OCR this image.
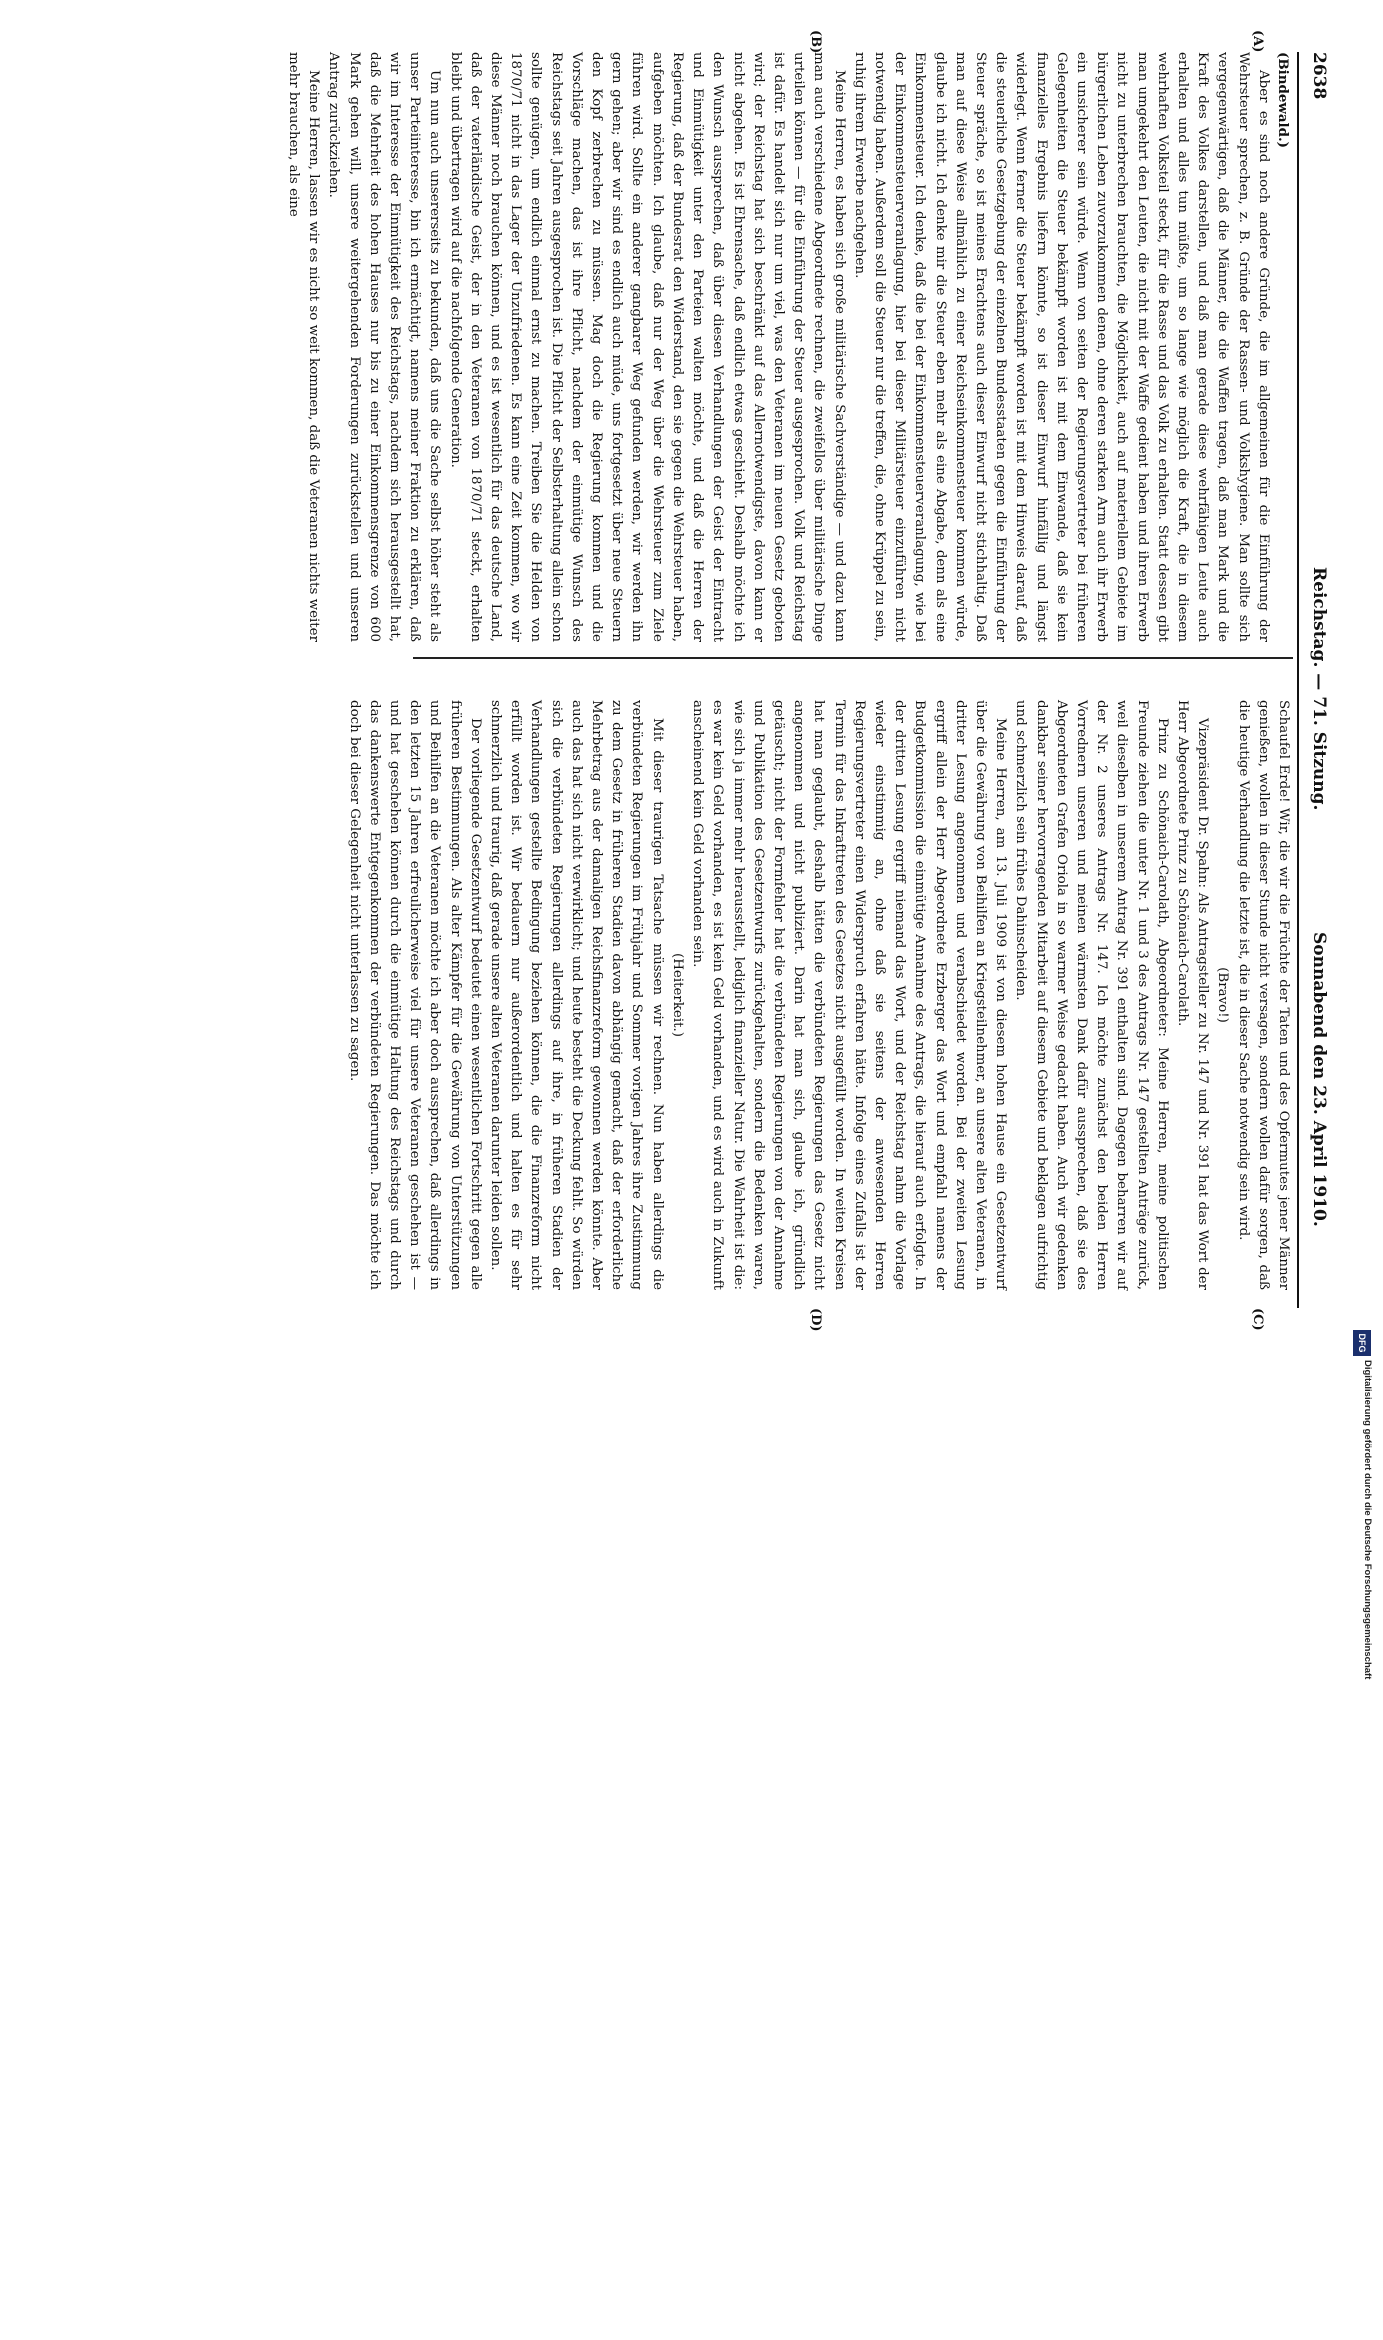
2638
Reichstag. — 71. Sitzung.
Sonnabend den 23. April 1910.
(A)
(B)
(C)
(D)

(Bindewald.)

Aber es sind noch andere Gründe, die im allgemeinen für die Einführung der Wehrsteuer sprechen, z. B. Gründe der Rassen- und Volkshygiene. Man sollte sich vergegenwärtigen, daß die Männer, die die Waffen tragen, daß man Mark und die Kraft des Volkes darstellen, und daß man gerade diese wehrfähigen Leute auch erhalten und alles tun müßte, um so lange wie möglich die Kraft, die in diesem wehrhaften Volksteil steckt, für die Rasse und das Volk zu erhalten. Statt dessen gibt man umgekehrt den Leuten, die nicht mit der Waffe gedient haben und ihren Erwerb nicht zu unterbrechen brauchten, die Möglichkeit, auch auf materiellem Gebiete im bürgerlichen Leben zuvorzukommen denen, ohne deren starken Arm auch ihr Erwerb ein unsicherer sein würde. Wenn von seiten der Regierungsvertreter bei früheren Gelegenheiten die Steuer bekämpft worden ist mit dem Einwande, daß sie kein finanzielles Ergebnis liefern könnte, so ist dieser Einwurf hinfällig und längst widerlegt. Wenn ferner die Steuer bekämpft worden ist mit dem Hinweis darauf, daß die steuerliche Gesetzgebung der einzelnen Bundesstaaten gegen die Einführung der Steuer spräche, so ist meines Erachtens auch dieser Einwurf nicht stichhaltig. Daß man auf diese Weise allmählich zu einer Reichseinkommensteuer kommen würde, glaube ich nicht. Ich denke mir die Steuer eben mehr als eine Abgabe, denn als eine Einkommensteuer. Ich denke, daß die bei der Einkommensteuerveranlagung, wie bei der Einkommensteuerveranlagung, hier bei dieser Militärsteuer einzuführen nicht notwendig haben. Außerdem soll die Steuer nur die treffen, die, ohne Krüppel zu sein, ruhig ihrem Erwerbe nachgehen.

Meine Herren, es haben sich große militärische Sachverständige — und dazu kann man auch verschiedene Abgeordnete rechnen, die zweifellos über militärische Dinge urteilen können — für die Einführung der Steuer ausgesprochen. Volk und Reichstag ist dafür. Es handelt sich nur um viel, was den Veteranen im neuen Gesetz geboten wird; der Reichstag hat sich beschränkt auf das Allernotwendigste, davon kann er nicht abgehen. Es ist Ehrensache, daß endlich etwas geschieht. Deshalb möchte ich den Wunsch aussprechen, daß über diesen Verhandlungen der Geist der Eintracht und Einmütigkeit unter den Parteien walten möchte, und daß die Herren der Regierung, daß der Bundesrat den Widerstand, den sie gegen die Wehrsteuer haben, aufgeben möchten. Ich glaube, daß nur der Weg über die Wehrsteuer zum Ziele führen wird. Sollte ein anderer gangbarer Weg gefunden werden, wir werden ihn gern gehen; aber wir sind es endlich auch müde, uns fortgesetzt über neue Steuern den Kopf zerbrechen zu müssen. Mag doch die Regierung kommen und die Vorschläge machen, das ist ihre Pflicht, nachdem der einmütige Wunsch des Reichstags seit Jahren ausgesprochen ist. Die Pflicht der Selbsterhaltung allein schon sollte genügen, um endlich einmal ernst zu machen. Treiben Sie die Helden von 1870/71 nicht in das Lager der Unzufriedenen. Es kann eine Zeit kommen, wo wir diese Männer noch brauchen können, und es ist wesentlich für das deutsche Land, daß der vaterländische Geist, der in den Veteranen von 1870/71 steckt, erhalten bleibt und übertragen wird auf die nachfolgende Generation.

Um nun auch unsererseits zu bekunden, daß uns die Sache selbst höher steht als unser Parteiinteresse, bin ich ermächtigt, namens meiner Fraktion zu erklären, daß wir im Interesse der Einmütigkeit des Reichstags, nachdem sich herausgestellt hat, daß die Mehrheit des hohen Hauses nur bis zu einer Einkommensgrenze von 600 Mark gehen will, unsere weitergehenden Forderungen zurückstellen und unseren Antrag zurückziehen.

Meine Herren, lassen wir es nicht so weit kommen, daß die Veteranen nichts weiter mehr brauchen, als eine

Schaufel Erde! Wir, die wir die Früchte der Taten und des Opfermutes jener Männer genießen, wollen in dieser Stunde nicht versagen, sondern wollen dafür sorgen, daß die heutige Verhandlung die letzte ist, die in dieser Sache notwendig sein wird.

(Bravo!)

Vizepräsident Dr. Spahn: Als Antragsteller zu Nr. 147 und Nr. 391 hat das Wort der Herr Abgeordnete Prinz zu Schönaich-Carolath.

Prinz zu Schönaich-Carolath, Abgeordneter: Meine Herren, meine politischen Freunde ziehen die unter Nr. 1 und 3 des Antrags Nr. 147 gestellten Anträge zurück, weil dieselben in unserem Antrag Nr. 391 enthalten sind. Dagegen beharren wir auf der Nr. 2 unseres Antrags Nr. 147. Ich möchte zunächst den beiden Herren Vorrednern unseren und meinen wärmsten Dank dafür aussprechen, daß sie des Abgeordneten Grafen Oriola in so warmer Weise gedacht haben. Auch wir gedenken dankbar seiner hervorragenden Mitarbeit auf diesem Gebiete und beklagen aufrichtig und schmerzlich sein frühes Dahinscheiden.

Meine Herren, am 13. Juli 1909 ist von diesem hohen Hause ein Gesetzentwurf über die Gewährung von Beihilfen an Kriegsteilnehmer, an unsere alten Veteranen, in dritter Lesung angenommen und verabschiedet worden. Bei der zweiten Lesung ergriff allein der Herr Abgeordnete Erzberger das Wort und empfahl namens der Budgetkommission die einmütige Annahme des Antrags, die hierauf auch erfolgte. In der dritten Lesung ergriff niemand das Wort, und der Reichstag nahm die Vorlage wieder einstimmig an, ohne daß sie seitens der anwesenden Herren Regierungsvertreter einen Widerspruch erfahren hätte. Infolge eines Zufalls ist der Termin für das Inkrafttreten des Gesetzes nicht ausgefüllt worden. In weiten Kreisen hat man geglaubt, deshalb hätten die verbündeten Regierungen das Gesetz nicht angenommen und nicht publiziert. Darin hat man sich, glaube ich, gründlich getäuscht; nicht der Formfehler hat die verbündeten Regierungen von der Annahme und Publikation des Gesetzentwurfs zurückgehalten, sondern die Bedenken waren, wie sich ja immer mehr herausstellt, lediglich finanzieller Natur. Die Wahrheit ist die: es war kein Geld vorhanden, es ist kein Geld vorhanden, und es wird auch in Zukunft anscheinend kein Geld vorhanden sein.

(Heiterkeit.)

Mit dieser traurigen Tatsache müssen wir rechnen. Nun haben allerdings die verbündeten Regierungen im Frühjahr und Sommer vorigen Jahres ihre Zustimmung zu dem Gesetz in früheren Stadien davon abhängig gemacht, daß der erforderliche Mehrbetrag aus der damaligen Reichsfinanzreform gewonnen werden könnte. Aber auch das hat sich nicht verwirklicht; und heute besteht die Deckung fehlt. So würden sich die verbündeten Regierungen allerdings auf ihre, in früheren Stadien der Verhandlungen gestellte Bedingung beziehen können, die die Finanzreform nicht erfüllt worden ist. Wir bedauern nur außerordentlich und halten es für sehr schmerzlich und traurig, daß gerade unsere alten Veteranen darunter leiden sollen.

Der vorliegende Gesetzentwurf bedeutet einen wesentlichen Fortschritt gegen alle früheren Bestimmungen. Als alter Kämpfer für die Gewährung von Unterstützungen und Beihilfen an die Veteranen möchte ich aber doch aussprechen, daß allerdings in den letzten 15 Jahren erfreulicherweise viel für unsere Veteranen geschehen ist — und hat geschehen können durch die einmütige Haltung des Reichstags und durch das dankenswerte Entgegenkommen der verbündeten Regierungen. Das möchte ich doch bei dieser Gelegenheit nicht unterlassen zu sagen.

DFG
Digitalisierung gefördert durch die Deutsche Forschungsgemeinschaft
